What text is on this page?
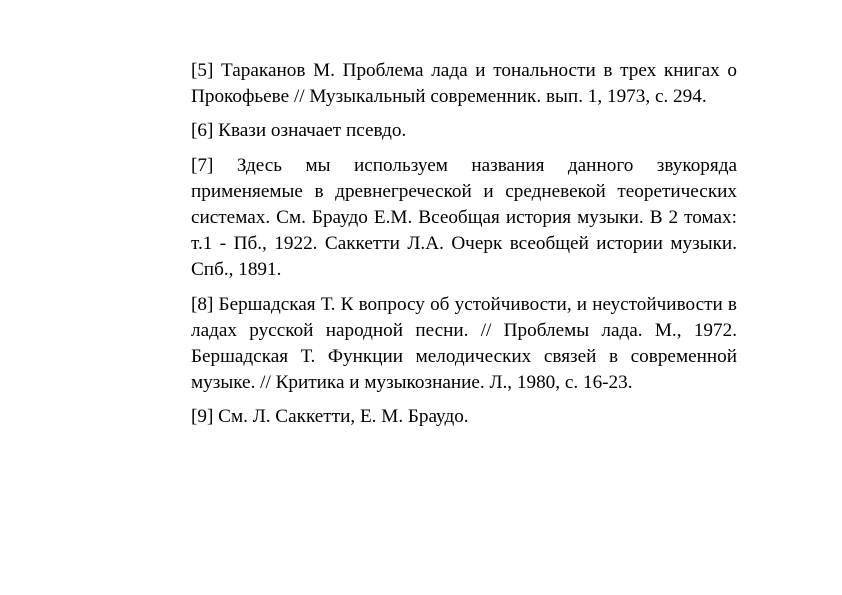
[5] Тараканов М. Проблема лада и тональности в трех книгах о Прокофьеве // Музыкальный современник. вып. 1, 1973, с. 294.

[6] Квази означает псевдо.

[7] Здесь мы используем названия данного звукоряда применяемые в древнегреческой и средневекой теоретических системах. См. Браудо Е.М. Всеобщая история музыки. В 2 томах: т.1 - Пб., 1922. Саккетти Л.А. Очерк всеобщей истории музыки. Спб., 1891.

[8] Бершадская Т. К вопросу об устойчивости, и неустойчивости в ладах русской народной песни. // Проблемы лада. М., 1972. Бершадская Т. Функции мелодических связей в современной музыке. // Критика и музыкознание. Л., 1980, с. 16-23.

[9] См. Л. Саккетти, Е. М. Браудо.
